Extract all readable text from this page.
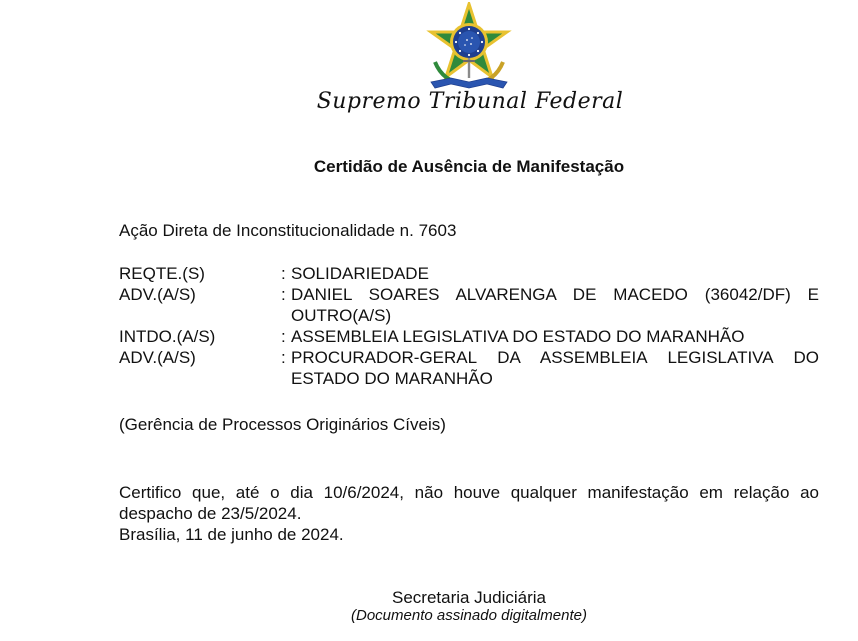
Supremo Tribunal Federal
Certidão de Ausência de Manifestação
Ação Direta de Inconstitucionalidade n. 7603
REQTE.(S)	: SOLIDARIEDADE
ADV.(A/S)	: DANIEL SOARES ALVARENGA DE MACEDO (36042/DF) E OUTRO(A/S)
INTDO.(A/S)	: ASSEMBLEIA LEGISLATIVA DO ESTADO DO MARANHÃO
ADV.(A/S)	: PROCURADOR-GERAL DA ASSEMBLEIA LEGISLATIVA DO ESTADO DO MARANHÃO
(Gerência de Processos Originários Cíveis)
Certifico que, até o dia 10/6/2024, não houve qualquer manifestação em relação ao despacho de 23/5/2024.
Brasília, 11 de junho de 2024.
Secretaria Judiciária
(Documento assinado digitalmente)
